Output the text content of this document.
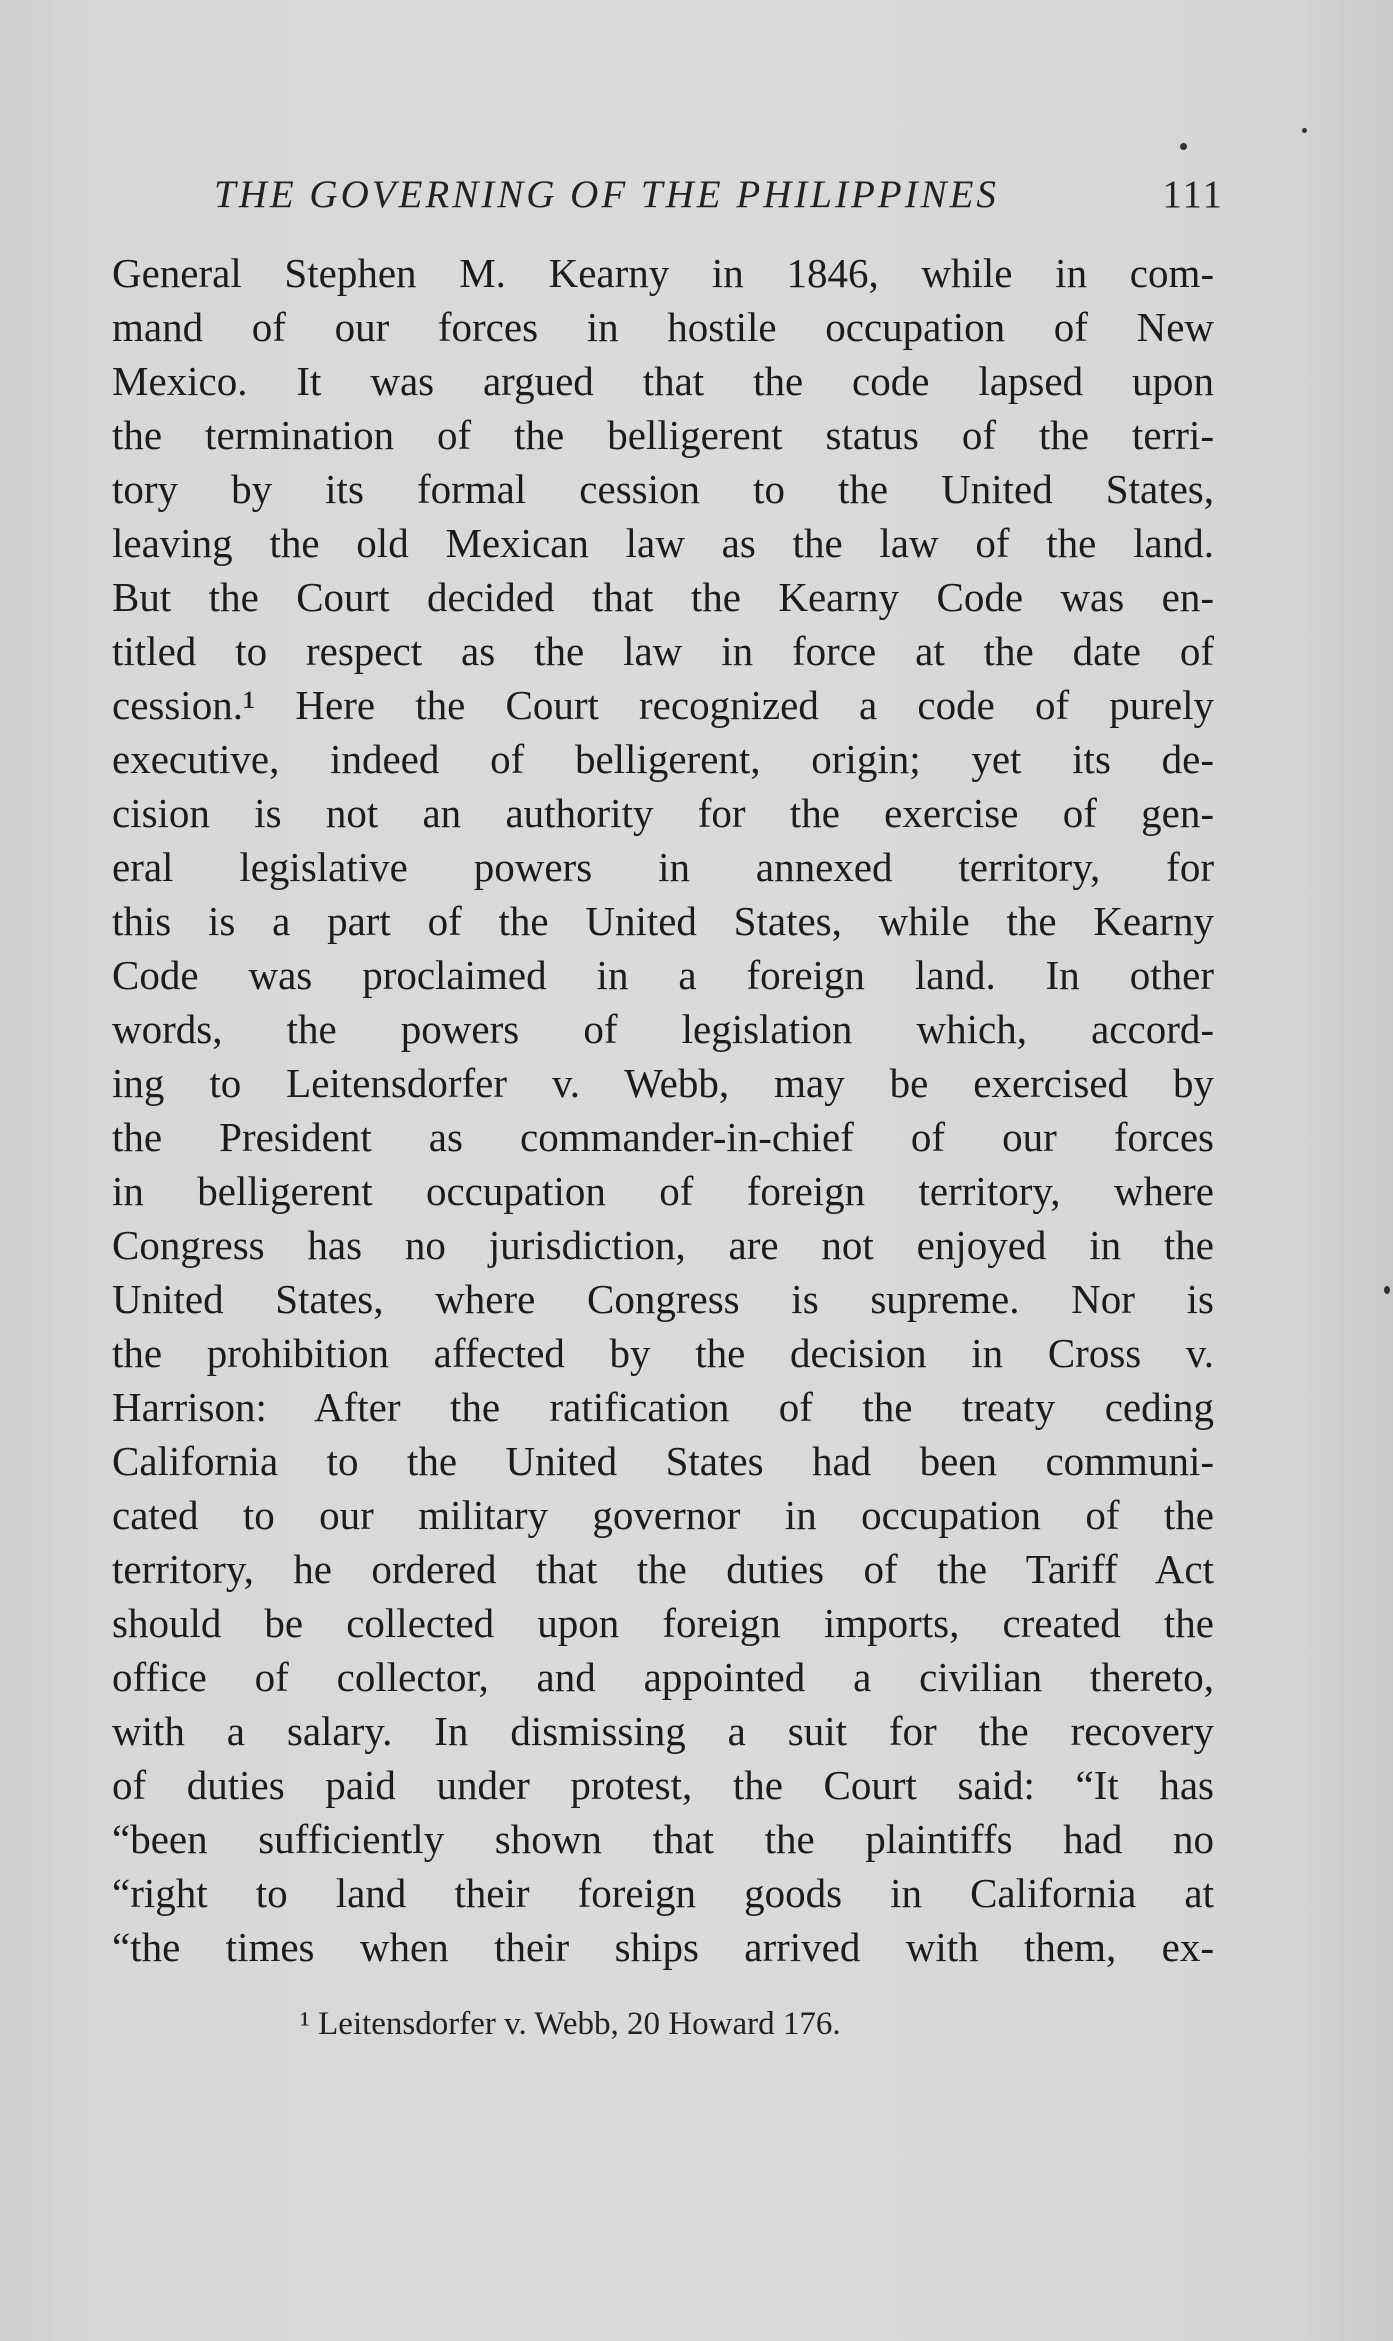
THE GOVERNING OF THE PHILIPPINES	111
General Stephen M. Kearny in 1846, while in com-
mand of our forces in hostile occupation of New
Mexico. It was argued that the code lapsed upon
the termination of the belligerent status of the terri-
tory by its formal cession to the United States,
leaving the old Mexican law as the law of the land.
But the Court decided that the Kearny Code was en-
titled to respect as the law in force at the date of
cession.¹ Here the Court recognized a code of purely
executive, indeed of belligerent, origin; yet its de-
cision is not an authority for the exercise of gen-
eral legislative powers in annexed territory, for
this is a part of the United States, while the Kearny
Code was proclaimed in a foreign land. In other
words, the powers of legislation which, accord-
ing to Leitensdorfer v. Webb, may be exercised by
the President as commander-in-chief of our forces
in belligerent occupation of foreign territory, where
Congress has no jurisdiction, are not enjoyed in the
United States, where Congress is supreme. Nor is
the prohibition affected by the decision in Cross v.
Harrison: After the ratification of the treaty ceding
California to the United States had been communi-
cated to our military governor in occupation of the
territory, he ordered that the duties of the Tariff Act
should be collected upon foreign imports, created the
office of collector, and appointed a civilian thereto,
with a salary. In dismissing a suit for the recovery
of duties paid under protest, the Court said: “It has
“been sufficiently shown that the plaintiffs had no
“right to land their foreign goods in California at
“the times when their ships arrived with them, ex-
¹ Leitensdorfer v. Webb, 20 Howard 176.
